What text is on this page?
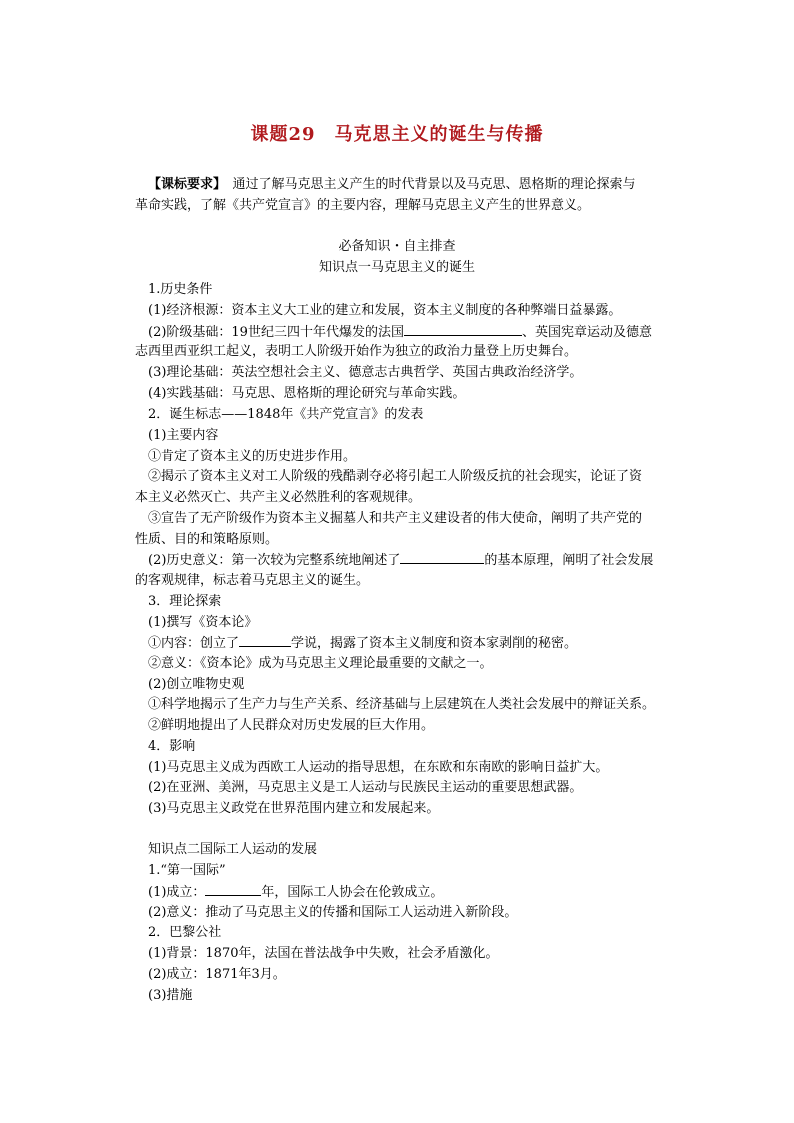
课题29　马克思主义的诞生与传播
【课标要求】　通过了解马克思主义产生的时代背景以及马克思、恩格斯的理论探索与
革命实践，了解《共产党宣言》的主要内容，理解马克思主义产生的世界意义。
必备知识・自主排查
知识点一马克思主义的诞生
1.历史条件
(1)经济根源：资本主义大工业的建立和发展，资本主义制度的各种弊端日益暴露。
(2)阶级基础：19世纪三四十年代爆发的法国	、英国宪章运动及德意
志西里西亚织工起义，表明工人阶级开始作为独立的政治力量登上历史舞台。
(3)理论基础：英法空想社会主义、德意志古典哲学、英国古典政治经济学。
(4)实践基础：马克思、恩格斯的理论研究与革命实践。
2．诞生标志——1848年《共产党宣言》的发表
(1)主要内容
①肯定了资本主义的历史进步作用。
②揭示了资本主义对工人阶级的残酷剥夺必将引起工人阶级反抗的社会现实，论证了资
本主义必然灭亡、共产主义必然胜利的客观规律。
③宣告了无产阶级作为资本主义掘墓人和共产主义建设者的伟大使命，阐明了共产党的
性质、目的和策略原则。
(2)历史意义：第一次较为完整系统地阐述了	的基本原理，阐明了社会发展
的客观规律，标志着马克思主义的诞生。
3．理论探索
(1)撰写《资本论》
①内容：创立了	学说，揭露了资本主义制度和资本家剥削的秘密。
②意义：《资本论》成为马克思主义理论最重要的文献之一。
(2)创立唯物史观
①科学地揭示了生产力与生产关系、经济基础与上层建筑在人类社会发展中的辩证关系。
②鲜明地提出了人民群众对历史发展的巨大作用。
4．影响
(1)马克思主义成为西欧工人运动的指导思想，在东欧和东南欧的影响日益扩大。
(2)在亚洲、美洲，马克思主义是工人运动与民族民主运动的重要思想武器。
(3)马克思主义政党在世界范围内建立和发展起来。
知识点二国际工人运动的发展
1.“第一国际”
(1)成立：	年，国际工人协会在伦敦成立。
(2)意义：推动了马克思主义的传播和国际工人运动进入新阶段。
2．巴黎公社
(1)背景：1870年，法国在普法战争中失败，社会矛盾激化。
(2)成立：1871年3月。
(3)措施
